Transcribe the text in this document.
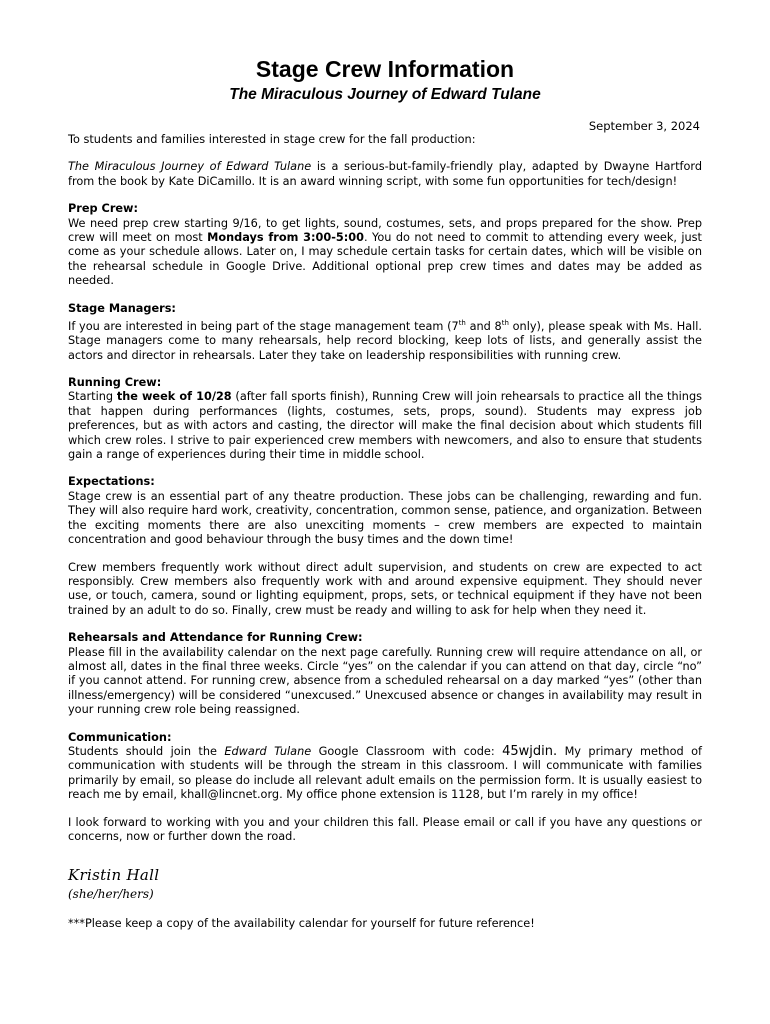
Stage Crew Information
The Miraculous Journey of Edward Tulane
September 3, 2024

To students and families interested in stage crew for the fall production:

The Miraculous Journey of Edward Tulane is a serious-but-family-friendly play, adapted by Dwayne Hartford from the book by Kate DiCamillo. It is an award winning script, with some fun opportunities for tech/design!

Prep Crew:
We need prep crew starting 9/16, to get lights, sound, costumes, sets, and props prepared for the show. Prep crew will meet on most Mondays from 3:00-5:00. You do not need to commit to attending every week, just come as your schedule allows. Later on, I may schedule certain tasks for certain dates, which will be visible on the rehearsal schedule in Google Drive. Additional optional prep crew times and dates may be added as needed.

Stage Managers:
If you are interested in being part of the stage management team (7th and 8th only), please speak with Ms. Hall. Stage managers come to many rehearsals, help record blocking, keep lots of lists, and generally assist the actors and director in rehearsals. Later they take on leadership responsibilities with running crew.

Running Crew:
Starting the week of 10/28 (after fall sports finish), Running Crew will join rehearsals to practice all the things that happen during performances (lights, costumes, sets, props, sound). Students may express job preferences, but as with actors and casting, the director will make the final decision about which students fill which crew roles. I strive to pair experienced crew members with newcomers, and also to ensure that students gain a range of experiences during their time in middle school.

Expectations:
Stage crew is an essential part of any theatre production. These jobs can be challenging, rewarding and fun. They will also require hard work, creativity, concentration, common sense, patience, and organization. Between the exciting moments there are also unexciting moments – crew members are expected to maintain concentration and good behaviour through the busy times and the down time!

Crew members frequently work without direct adult supervision, and students on crew are expected to act responsibly. Crew members also frequently work with and around expensive equipment. They should never use, or touch, camera, sound or lighting equipment, props, sets, or technical equipment if they have not been trained by an adult to do so. Finally, crew must be ready and willing to ask for help when they need it.

Rehearsals and Attendance for Running Crew:
Please fill in the availability calendar on the next page carefully. Running crew will require attendance on all, or almost all, dates in the final three weeks. Circle “yes” on the calendar if you can attend on that day, circle “no” if you cannot attend. For running crew, absence from a scheduled rehearsal on a day marked “yes” (other than illness/emergency) will be considered “unexcused.” Unexcused absence or changes in availability may result in your running crew role being reassigned.

Communication:
Students should join the Edward Tulane Google Classroom with code: 45wjdin. My primary method of communication with students will be through the stream in this classroom. I will communicate with families primarily by email, so please do include all relevant adult emails on the permission form. It is usually easiest to reach me by email, khall@lincnet.org. My office phone extension is 1128, but I’m rarely in my office!

I look forward to working with you and your children this fall. Please email or call if you have any questions or concerns, now or further down the road.

Kristin Hall
(she/her/hers)
***Please keep a copy of the availability calendar for yourself for future reference!
